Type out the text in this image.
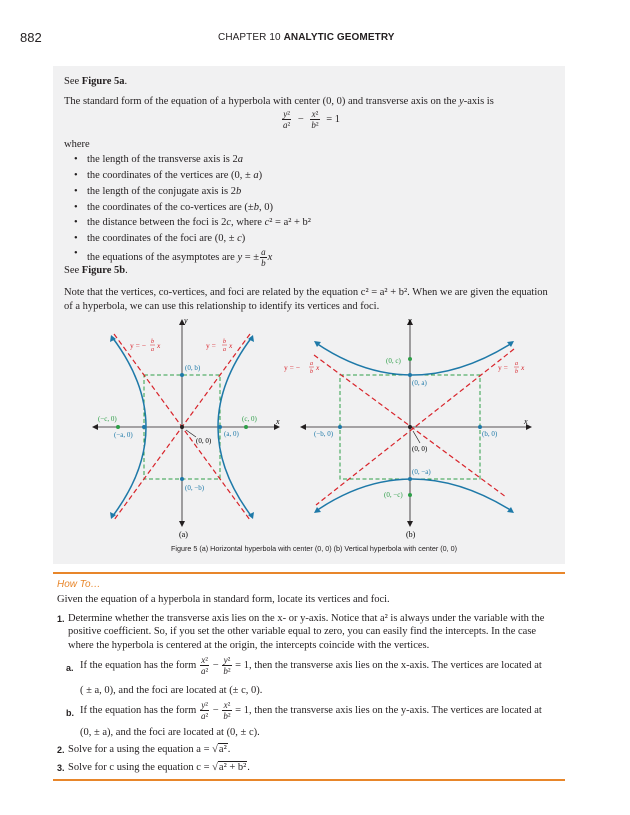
882	CHAPTER 10 ANALYTIC GEOMETRY
See Figure 5a.
The standard form of the equation of a hyperbola with center (0, 0) and transverse axis on the y-axis is
$\frac{\text{y²}}{\text{a²}} - \frac{\text{x²}}{\text{b²}} = 1$
where
• the length of the transverse axis is 2a
• the coordinates of the vertices are (0, ± a)
• the length of the conjugate axis is 2b
• the coordinates of the co-vertices are (±b, 0)
• the distance between the foci is 2c, where c² = a² + b²
• the coordinates of the foci are (0, ± c)
• the equations of the asymptotes are y = ± $\frac{a}{b}$ x
See Figure 5b.
Note that the vertices, co-vertices, and foci are related by the equation c² = a² + b². When we are given the equation
of a hyperbola, we can use this relationship to identify its vertices and foci.
y
x
y = − b
a x	y = b
a x
(0, b)
(0, −b)
(−c, 0)	(c, 0)
(−a, 0)	(a, 0)
(0, 0)
(a)
y
x
(0, c)
(0, a)
y = − a
b x	y = a
b x
(−b, 0)	(b, 0)
(0, 0)
(0, −a)
(0, −c)
(b)
Figure 5 (a) Horizontal hyperbola with center (0, 0) (b) Vertical hyperbola with center (0, 0)
How To…
Given the equation of a hyperbola in standard form, locate its vertices and foci.
1. Determine whether the transverse axis lies on the x- or y-axis. Notice that a² is always under the variable with the
positive coefficient. So, if you set the other variable equal to zero, you can easily find the intercepts. In the case
where the hyperbola is centered at the origin, the intercepts coincide with the vertices.
a. If the equation has the form $\frac{\text{x²}}{\text{a²}} - \frac{\text{y²}}{\text{b²}} = 1$, then the transverse axis lies on the x-axis. The vertices are located at
( ± a, 0), and the foci are located at (± c, 0).
b. If the equation has the form $\frac{\text{y²}}{\text{a²}} - \frac{\text{x²}}{\text{b²}} = 1$, then the transverse axis lies on the y-axis. The vertices are located at
(0, ± a), and the foci are located at (0, ± c).
2. Solve for a using the equation a = √a².
3. Solve for c using the equation c = √a² + b².
